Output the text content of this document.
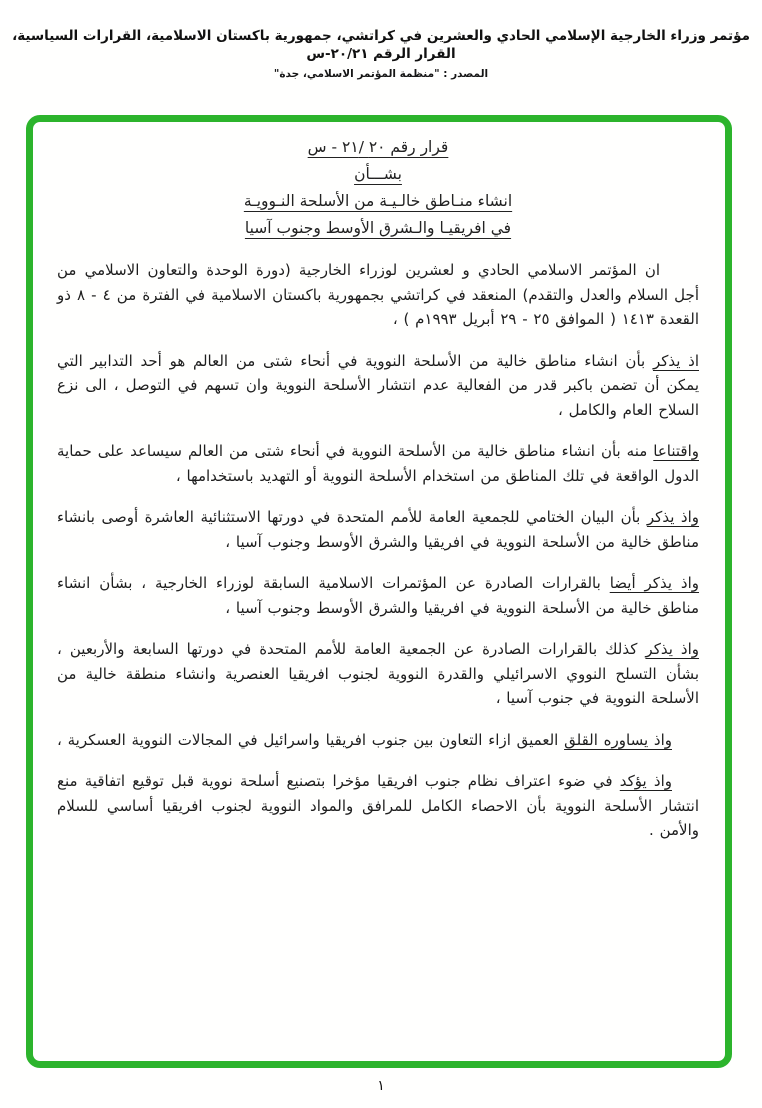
مؤتمر وزراء الخارجية الإسلامي الحادي والعشرين في كراتشي، جمهورية باكستان الاسلامية، القرارات السياسية، القرار الرقم ٢٠/٢١-س
المصدر : "منظمة المؤتمر الاسلامي، جدة"
قرار رقم ٢٠ /٢١ - س
بشـــأن
انشاء منـاطق خالـيـة من الأسلحة النـوويـة
في افريقيـا والـشرق الأوسط وجنوب آسيا
ان المؤتمر الاسلامي الحادي و لعشرين لوزراء الخارجية (دورة الوحدة والتعاون الاسلامي من أجل السلام والعدل والتقدم) المنعقد في كراتشي بجمهورية باكستان الاسلامية في الفترة من ٤ - ٨ ذو القعدة ١٤١٣ ( الموافق ٢٥ - ٢٩ أبريل ١٩٩٣م ) ،
اذ يذكر بأن انشاء مناطق خالية من الأسلحة النووية في أنحاء شتى من العالم هو أحد التدابير التي يمكن أن تضمن باكبر قدر من الفعالية عدم انتشار الأسلحة النووية وان تسهم في التوصل ، الى نزع السلاح العام والكامل ،
واقتناعا منه بأن انشاء مناطق خالية من الأسلحة النووية في أنحاء شتى من العالم سيساعد على حماية الدول الواقعة في تلك المناطق من استخدام الأسلحة النووية أو التهديد باستخدامها ،
واذ يذكر بأن البيان الختامي للجمعية العامة للأمم المتحدة في دورتها الاستثنائية العاشرة أوصى بانشاء مناطق خالية من الأسلحة النووية في افريقيا والشرق الأوسط وجنوب آسيا ،
واذ يذكر أيضا بالقرارات الصادرة عن المؤتمرات الاسلامية السابقة لوزراء الخارجية ، بشأن انشاء مناطق خالية من الأسلحة النووية في افريقيا والشرق الأوسط وجنوب آسيا ،
واذ يذكر كذلك بالقرارات الصادرة عن الجمعية العامة للأمم المتحدة في دورتها السابعة والأربعين ، بشأن التسلح النووي الاسرائيلي والقدرة النووية لجنوب افريقيا العنصرية وانشاء منطقة خالية من الأسلحة النووية في جنوب آسيا ،
واذ يساوره القلق العميق ازاء التعاون بين جنوب افريقيا واسرائيل في المجالات النووية العسكرية ،
واذ يؤكد في ضوء اعتراف نظام جنوب افريقيا مؤخرا بتصنيع أسلحة نووية قبل توقيع اتفاقية منع انتشار الأسلحة النووية بأن الاحصاء الكامل للمرافق والمواد النووية لجنوب افريقيا أساسي للسلام والأمن .
١
